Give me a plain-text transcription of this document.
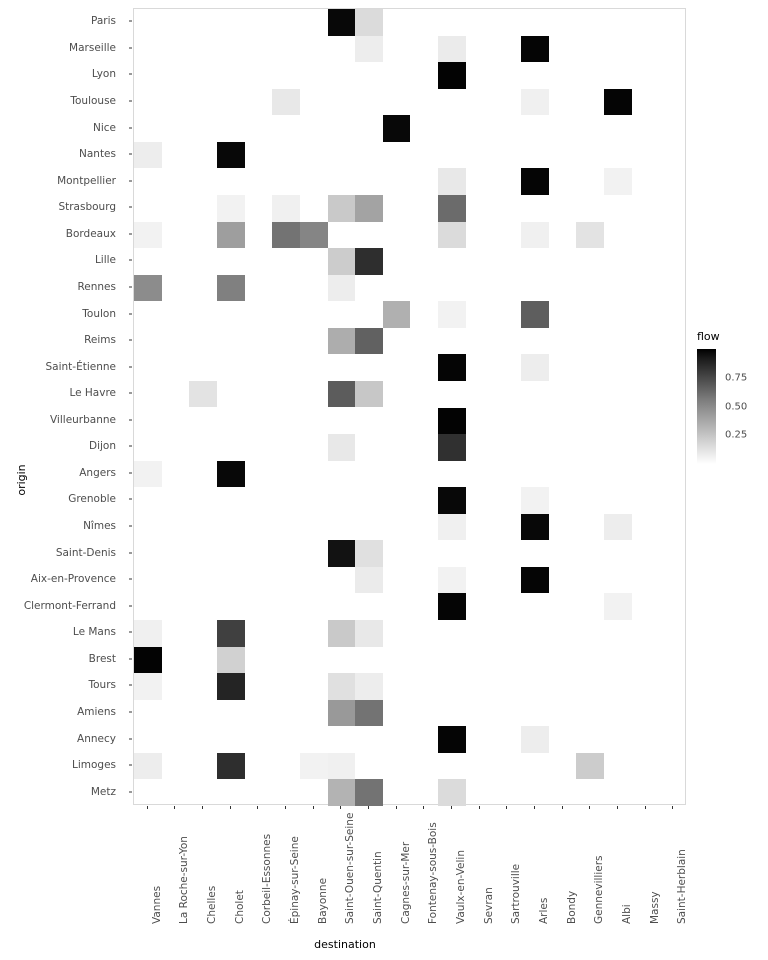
origin
Paris
Marseille
Lyon
Toulouse
Nice
Nantes
Montpellier
Strasbourg
Bordeaux
Lille
Rennes
Toulon
Reims
Saint-Étienne
Le Havre
Villeurbanne
Dijon
Angers
Grenoble
Nîmes
Saint-Denis
Aix-en-Provence
Clermont-Ferrand
Le Mans
Brest
Tours
Amiens
Annecy
Limoges
Metz
Vannes La Roche-sur-Yon Chelles Cholet Corbeil-Essonnes Épinay-sur-Seine Bayonne Saint-Ouen-sur-Seine Saint-Quentin Cagnes-sur-Mer Fontenay-sous-Bois Vaulx-en-Velin Sevran Sartrouville Arles Bondy Gennevilliers Albi Massy Saint-Herblain
destination
flow
0.25
0.50
0.75
